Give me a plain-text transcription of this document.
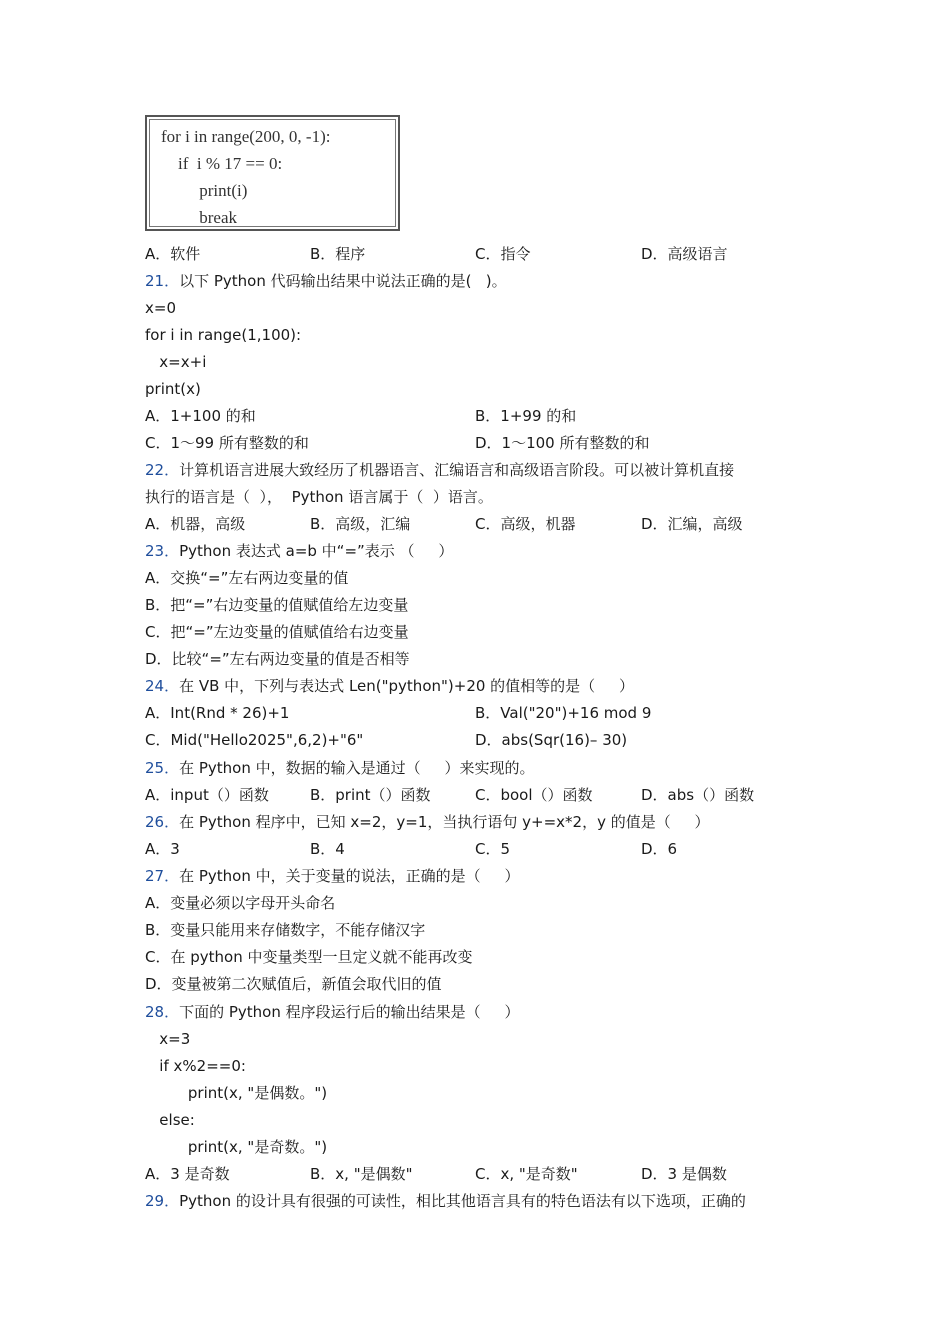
for i in range(200, 0, -1):
if  i % 17 == 0:
print(i)
break
A．软件	B．程序	C．指令	D．高级语言
21．以下 Python 代码输出结果中说法正确的是(   )。
x=0
for i in range(1,100):
x=x+i
print(x)
A．1+100 的和	B．1+99 的和
C．1～99 所有整数的和	D．1～100 所有整数的和
22．计算机语言进展大致经历了机器语言、汇编语言和高级语言阶段。可以被计算机直接
执行的语言是（  ），  Python 语言属于（  ）语言。
A．机器，高级	B．高级，汇编	C．高级，机器	D．汇编，高级
23．Python 表达式 a=b 中“=”表示 （     ）
A．交换“=”左右两边变量的值
B．把“=”右边变量的值赋值给左边变量
C．把“=”左边变量的值赋值给右边变量
D．比较“=”左右两边变量的值是否相等
24．在 VB 中，下列与表达式 Len("python")+20 的值相等的是（     ）
A．Int(Rnd * 26)+1	B．Val("20")+16 mod 9
C．Mid("Hello2025",6,2)+"6"	D．abs(Sqr(16)– 30)
25．在 Python 中，数据的输入是通过（     ）来实现的。
A．input（）函数	B．print（）函数	C．bool（）函数	D．abs（）函数
26．在 Python 程序中，已知 x=2，y=1，当执行语句 y+=x*2，y 的值是（     ）
A．3	B．4	C．5	D．6
27．在 Python 中，关于变量的说法，正确的是（     ）
A．变量必须以字母开头命名
B．变量只能用来存储数字，不能存储汉字
C．在 python 中变量类型一旦定义就不能再改变
D．变量被第二次赋值后，新值会取代旧的值
28．下面的 Python 程序段运行后的输出结果是（     ）
x=3
if x%2==0:
print(x, "是偶数。")
else:
print(x, "是奇数。")
A．3 是奇数	B．x, "是偶数"	C．x, "是奇数"	D．3 是偶数
29．Python 的设计具有很强的可读性，相比其他语言具有的特色语法有以下选项，正确的
